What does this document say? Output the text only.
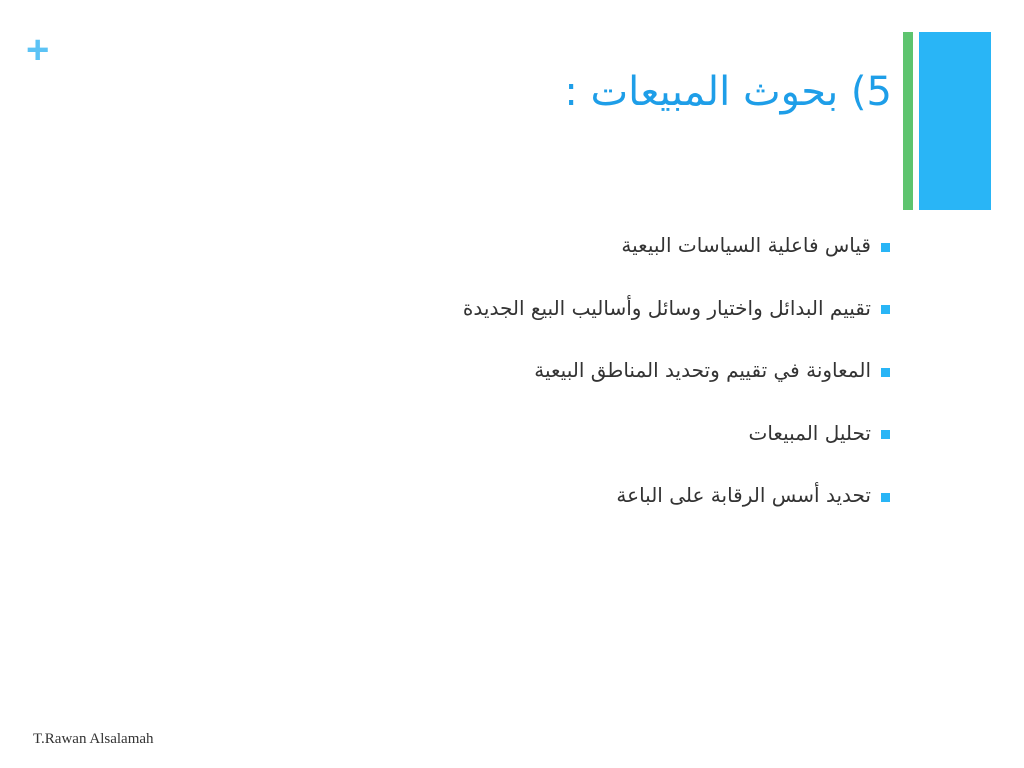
+
5) بحوث المبيعات :
قياس فاعلية السياسات البيعية
تقييم البدائل واختيار وسائل وأساليب البيع الجديدة
المعاونة في تقييم وتحديد المناطق البيعية
تحليل المبيعات
تحديد أسس الرقابة على الباعة
T.Rawan Alsalamah
